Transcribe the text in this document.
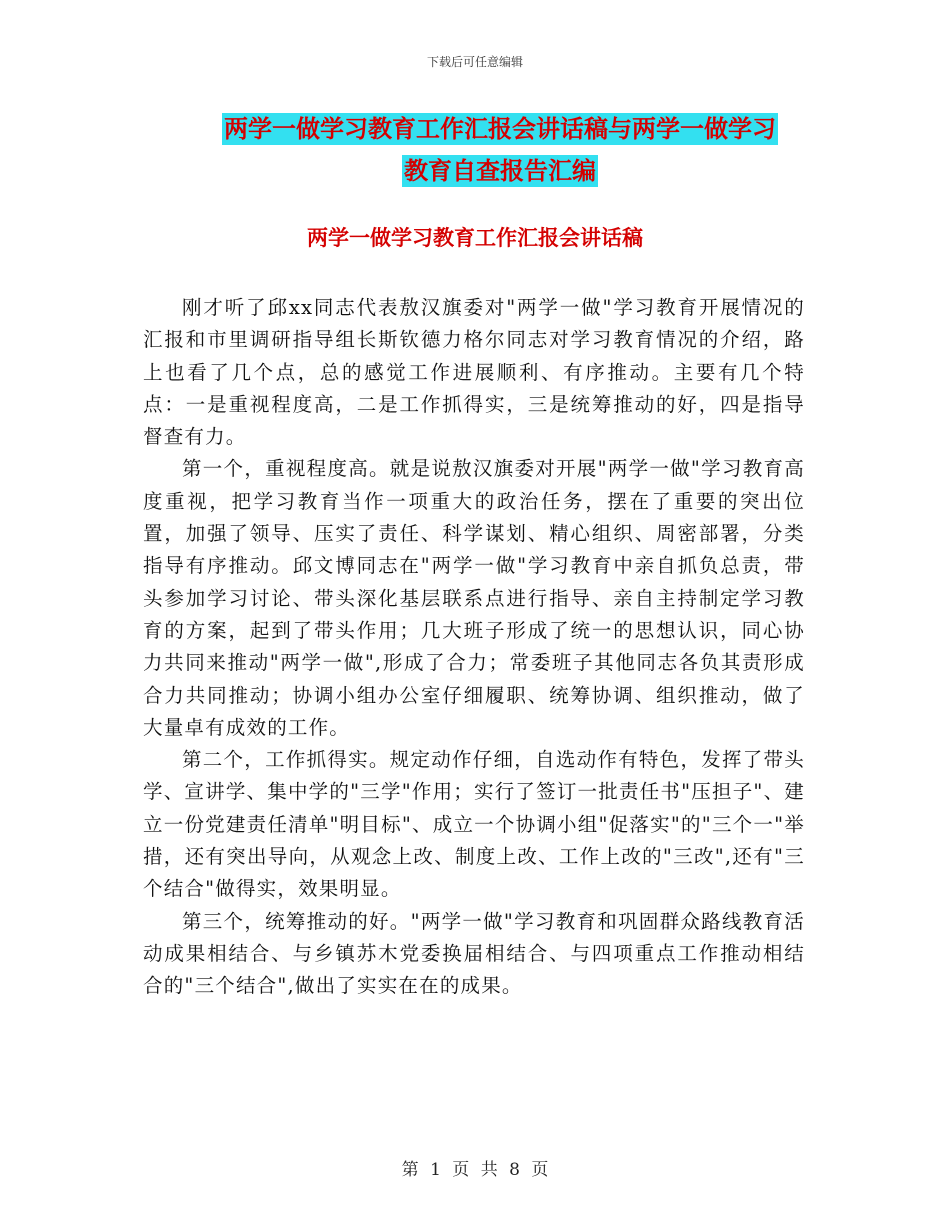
下载后可任意编辑
两学一做学习教育工作汇报会讲话稿与两学一做学习
教育自查报告汇编
两学一做学习教育工作汇报会讲话稿

刚才听了邱xx同志代表敖汉旗委对"两学一做"学习教育开展情况的汇报和市里调研指导组长斯钦德力格尔同志对学习教育情况的介绍，路上也看了几个点，总的感觉工作进展顺利、有序推动。主要有几个特点：一是重视程度高，二是工作抓得实，三是统筹推动的好，四是指导督查有力。

第一个，重视程度高。就是说敖汉旗委对开展"两学一做"学习教育高度重视，把学习教育当作一项重大的政治任务，摆在了重要的突出位置，加强了领导、压实了责任、科学谋划、精心组织、周密部署，分类指导有序推动。邱文博同志在"两学一做"学习教育中亲自抓负总责，带头参加学习讨论、带头深化基层联系点进行指导、亲自主持制定学习教育的方案，起到了带头作用；几大班子形成了统一的思想认识，同心协力共同来推动"两学一做",形成了合力；常委班子其他同志各负其责形成合力共同推动；协调小组办公室仔细履职、统筹协调、组织推动，做了大量卓有成效的工作。

第二个，工作抓得实。规定动作仔细，自选动作有特色，发挥了带头学、宣讲学、集中学的"三学"作用；实行了签订一批责任书"压担子"、建立一份党建责任清单"明目标"、成立一个协调小组"促落实"的"三个一"举措，还有突出导向，从观念上改、制度上改、工作上改的"三改",还有"三个结合"做得实，效果明显。

第三个，统筹推动的好。"两学一做"学习教育和巩固群众路线教育活动成果相结合、与乡镇苏木党委换届相结合、与四项重点工作推动相结合的"三个结合",做出了实实在在的成果。

第 1 页 共 8 页
